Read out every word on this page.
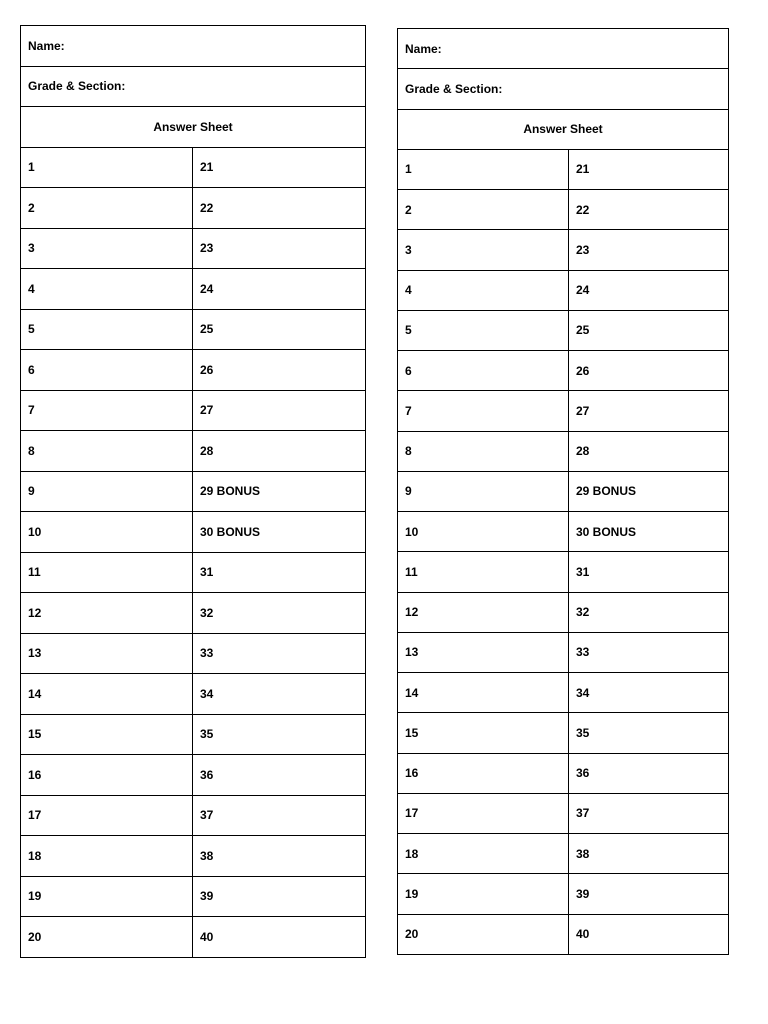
Name:	
Grade & Section:	
Answer Sheet	
1	21
2	22
3	23
4	24
5	25
6	26
7	27
8	28
9	29 BONUS
10	30 BONUS
11	31
12	32
13	33
14	34
15	35
16	36
17	37
18	38
19	39
20	40
Name:	
Grade & Section:	
Answer Sheet	
1	21
2	22
3	23
4	24
5	25
6	26
7	27
8	28
9	29 BONUS
10	30 BONUS
11	31
12	32
13	33
14	34
15	35
16	36
17	37
18	38
19	39
20	40
